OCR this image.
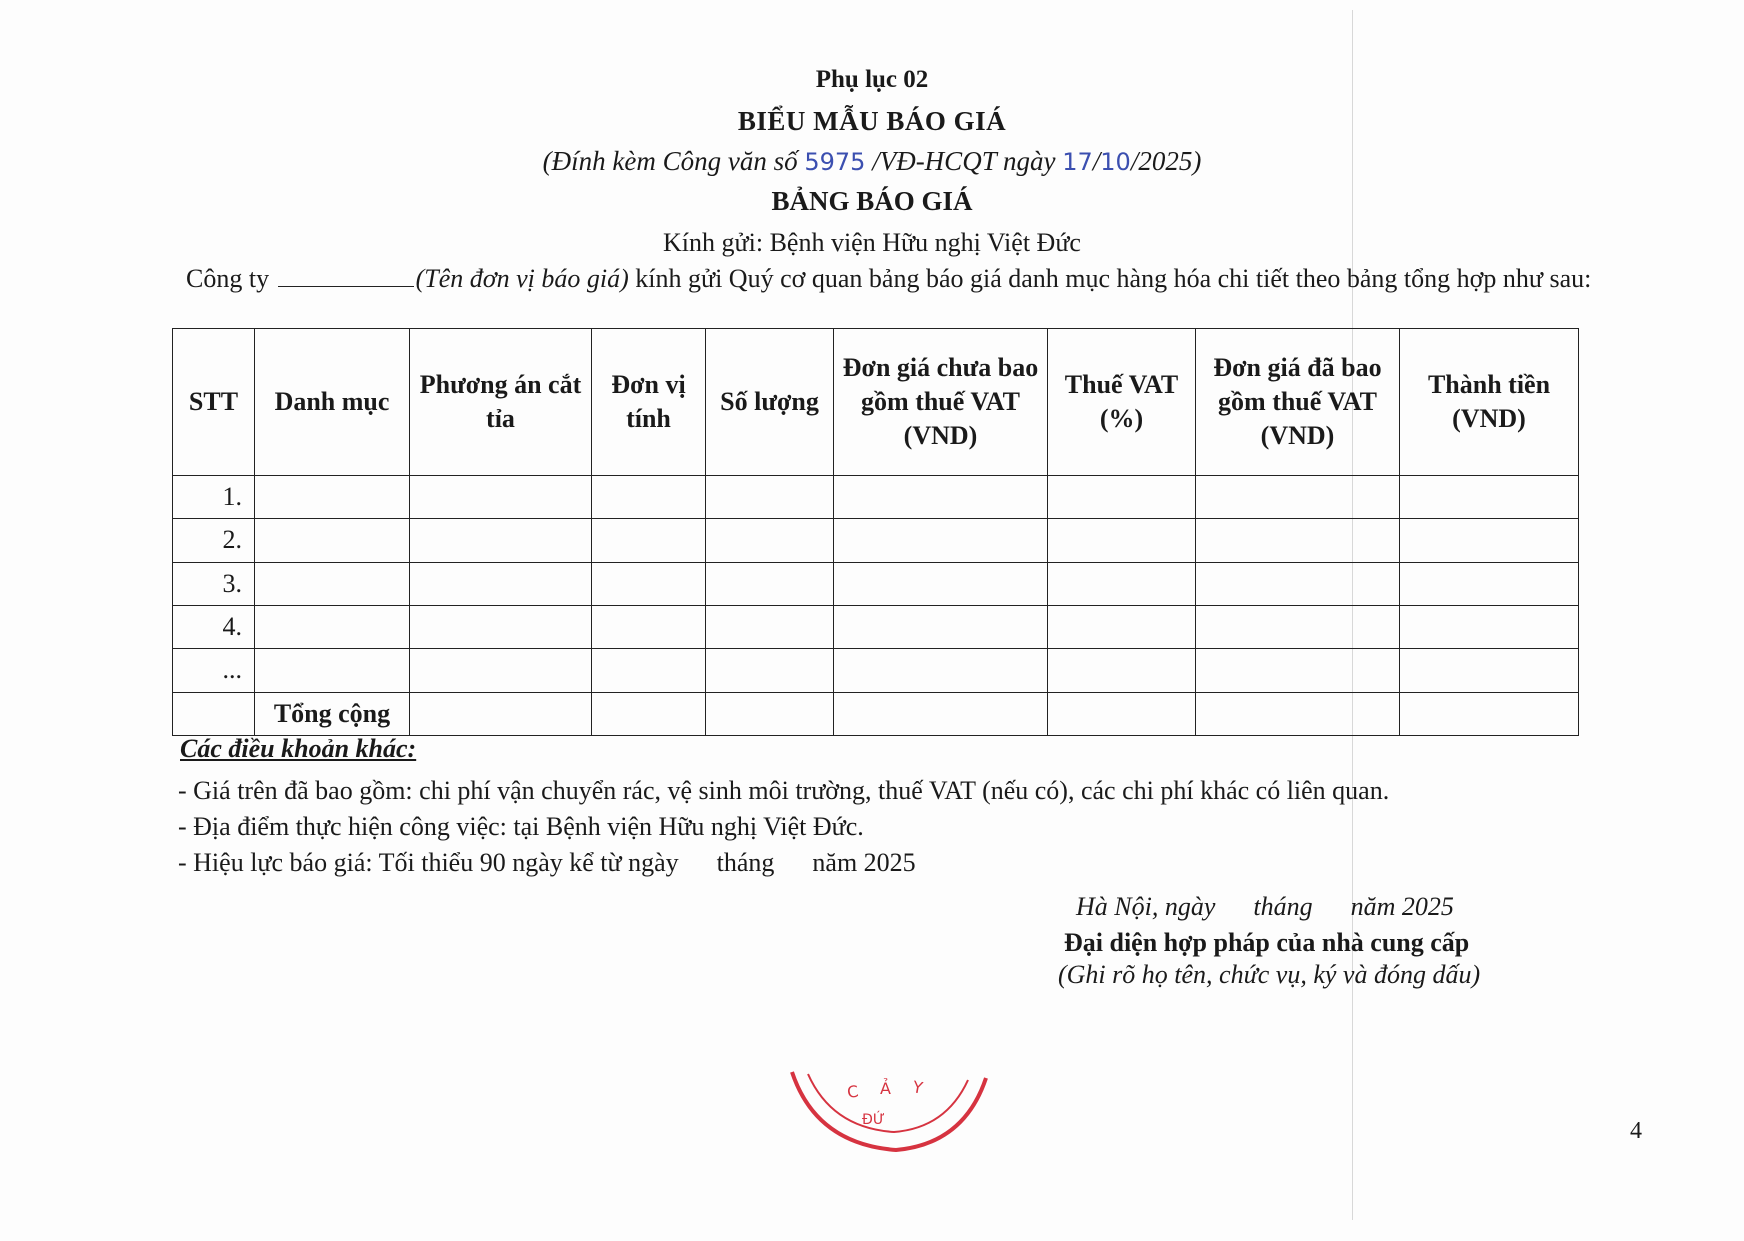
Phụ lục 02
BIỂU MẪU BÁO GIÁ
(Đính kèm Công văn số 5975 /VĐ-HCQT ngày 17/10/2025)
BẢNG BÁO GIÁ
Kính gửi: Bệnh viện Hữu nghị Việt Đức
Công ty	(Tên đơn vị báo giá) kính gửi Quý cơ quan bảng báo giá danh mục hàng hóa chi tiết theo bảng tổng hợp như sau:
STT	Danh mục	Phương án cắt tỉa	Đơn vị tính	Số lượng	Đơn giá chưa bao gồm thuế VAT (VND)	Thuế VAT (%)	Đơn giá đã bao gồm thuế VAT (VND)	Thành tiền (VND)
1.								
2.								
3.								
4.								
...								
	Tổng cộng							
Các điều khoản khác:
- Giá trên đã bao gồm: chi phí vận chuyển rác, vệ sinh môi trường, thuế VAT (nếu có), các chi phí khác có liên quan.
- Địa điểm thực hiện công việc: tại Bệnh viện Hữu nghị Việt Đức.
- Hiệu lực báo giá: Tối thiểu 90 ngày kể từ ngày tháng năm 2025
Hà Nội, ngày tháng năm 2025
Đại diện hợp pháp của nhà cung cấp
(Ghi rõ họ tên, chức vụ, ký và đóng dấu)
C Ả Y
ĐỨ	4
